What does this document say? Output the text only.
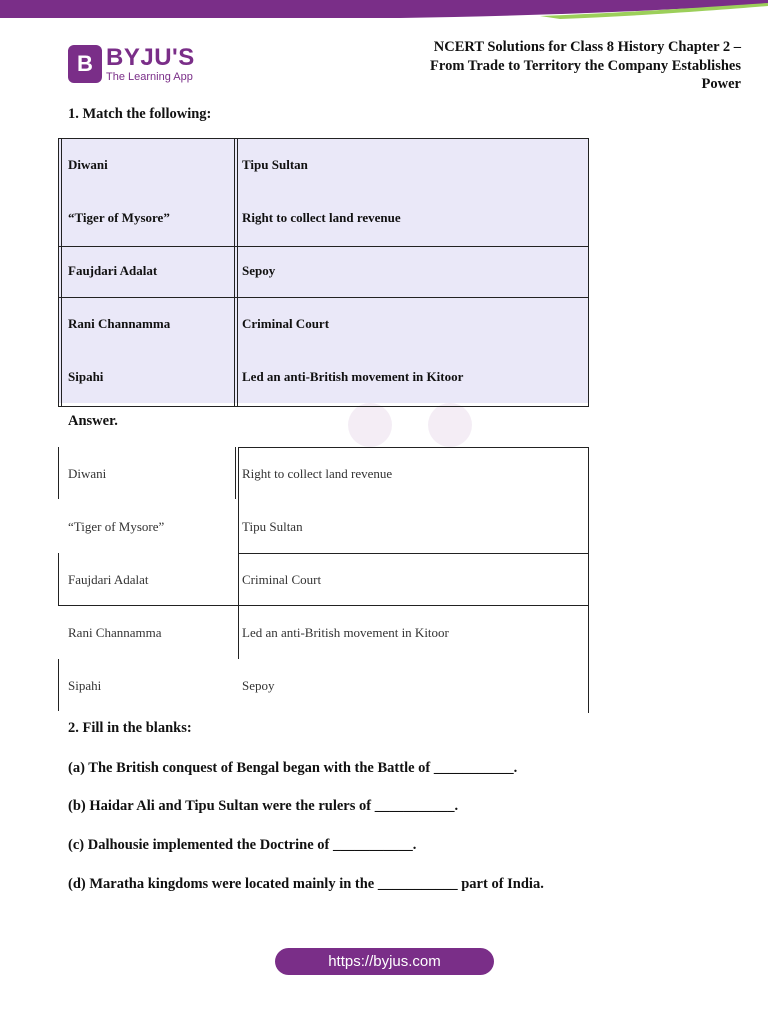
B BYJU'S
The Learning App
NCERT Solutions for Class 8 History Chapter 2 –
From Trade to Territory the Company Establishes
Power
1. Match the following:
Diwani	Tipu Sultan
“Tiger of Mysore”	Right to collect land revenue
Faujdari Adalat	Sepoy
Rani Channamma	Criminal Court
Sipahi	Led an anti-British movement in Kitoor
Answer.
Diwani	Right to collect land revenue
“Tiger of Mysore”	Tipu Sultan
Faujdari Adalat	Criminal Court
Rani Channamma	Led an anti-British movement in Kitoor
Sipahi	Sepoy
2. Fill in the blanks:
(a) The British conquest of Bengal began with the Battle of ___________.
(b) Haidar Ali and Tipu Sultan were the rulers of ___________.
(c) Dalhousie implemented the Doctrine of ___________.
(d) Maratha kingdoms were located mainly in the ___________ part of India.
https://byjus.com
